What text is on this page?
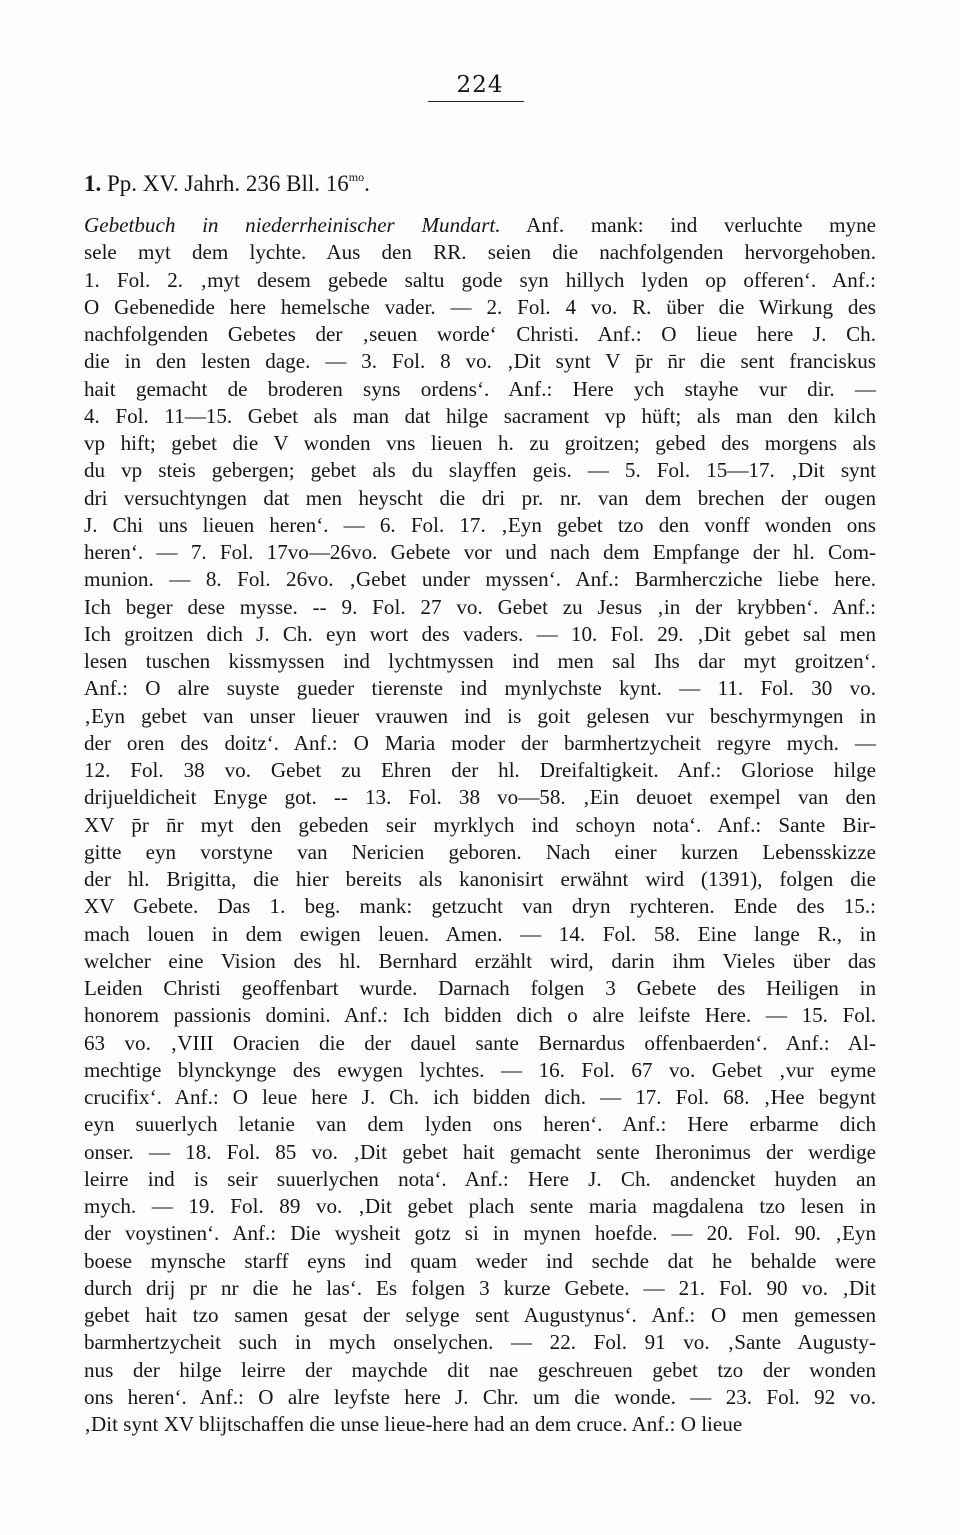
224
1. Pp. XV. Jahrh. 236 Bll. $16^{mo}$.
Gebetbuch in niederrheinischer Mundart. Anf. mank: ind verluchte myne
sele myt dem lychte. Aus den RR. seien die nachfolgenden hervorgehoben.
1. Fol. 2. ‚myt desem gebede saltu gode syn hillych lyden op offeren‘. Anf.:
O Gebenedide here hemelsche vader. — 2. Fol. 4 vo. R. über die Wirkung des
nachfolgenden Gebetes der ‚seuen worde‘ Christi. Anf.: O lieue here J. Ch.
die in den lesten dage. — 3. Fol. 8 vo. ‚Dit synt V p̄r n̄r die sent franciskus
hait gemacht de broderen syns ordens‘. Anf.: Here ych stayhe vur dir. —
4. Fol. 11—15. Gebet als man dat hilge sacrament vp hüft; als man den kilch
vp hift; gebet die V wonden vns lieuen h. zu groitzen; gebed des morgens als
du vp steis gebergen; gebet als du slayffen geis. — 5. Fol. 15—17. ‚Dit synt
dri versuchtyngen dat men heyscht die dri pr. nr. van dem brechen der ougen
J. Chi uns lieuen heren‘. — 6. Fol. 17. ‚Eyn gebet tzo den vonff wonden ons
heren‘. — 7. Fol. 17vo—26vo. Gebete vor und nach dem Empfange der hl. Com-
munion. — 8. Fol. 26vo. ‚Gebet under myssen‘. Anf.: Barmhercziche liebe here.
Ich beger dese mysse. -- 9. Fol. 27 vo. Gebet zu Jesus ‚in der krybben‘. Anf.:
Ich groitzen dich J. Ch. eyn wort des vaders. — 10. Fol. 29. ‚Dit gebet sal men
lesen tuschen kissmyssen ind lychtmyssen ind men sal Ihs dar myt groitzen‘.
Anf.: O alre suyste gueder tierenste ind mynlychste kynt. — 11. Fol. 30 vo.
‚Eyn gebet van unser lieuer vrauwen ind is goit gelesen vur beschyrmyngen in
der oren des doitz‘. Anf.: O Maria moder der barmhertzycheit regyre mych. —
12. Fol. 38 vo. Gebet zu Ehren der hl. Dreifaltigkeit. Anf.: Gloriose hilge
drijueldicheit Enyge got. -- 13. Fol. 38 vo—58. ‚Ein deuoet exempel van den
XV p̄r n̄r myt den gebeden seir myrklych ind schoyn nota‘. Anf.: Sante Bir-
gitte eyn vorstyne van Nericien geboren. Nach einer kurzen Lebensskizze
der hl. Brigitta, die hier bereits als kanonisirt erwähnt wird (1391), folgen die
XV Gebete. Das 1. beg. mank: getzucht van dryn rychteren. Ende des 15.:
mach louen in dem ewigen leuen. Amen. — 14. Fol. 58. Eine lange R., in
welcher eine Vision des hl. Bernhard erzählt wird, darin ihm Vieles über das
Leiden Christi geoffenbart wurde. Darnach folgen 3 Gebete des Heiligen in
honorem passionis domini. Anf.: Ich bidden dich o alre leifste Here. — 15. Fol.
63 vo. ‚VIII Oracien die der dauel sante Bernardus offenbaerden‘. Anf.: Al-
mechtige blynckynge des ewygen lychtes. — 16. Fol. 67 vo. Gebet ‚vur eyme
crucifix‘. Anf.: O leue here J. Ch. ich bidden dich. — 17. Fol. 68. ‚Hee begynt
eyn suuerlych letanie van dem lyden ons heren‘. Anf.: Here erbarme dich
onser. — 18. Fol. 85 vo. ‚Dit gebet hait gemacht sente Iheronimus der werdige
leirre ind is seir suuerlychen nota‘. Anf.: Here J. Ch. andencket huyden an
mych. — 19. Fol. 89 vo. ‚Dit gebet plach sente maria magdalena tzo lesen in
der voystinen‘. Anf.: Die wysheit gotz si in mynen hoefde. — 20. Fol. 90. ‚Eyn
boese mynsche starff eyns ind quam weder ind sechde dat he behalde were
durch drij pr nr die he las‘. Es folgen 3 kurze Gebete. — 21. Fol. 90 vo. ‚Dit
gebet hait tzo samen gesat der selyge sent Augustynus‘. Anf.: O men gemessen
barmhertzycheit such in mych onselychen. — 22. Fol. 91 vo. ‚Sante Augusty-
nus der hilge leirre der maychde dit nae geschreuen gebet tzo der wonden
ons heren‘. Anf.: O alre leyfste here J. Chr. um die wonde. — 23. Fol. 92 vo.
‚Dit synt XV blijtschaffen die unse lieue-here had an dem cruce. Anf.: O lieue
